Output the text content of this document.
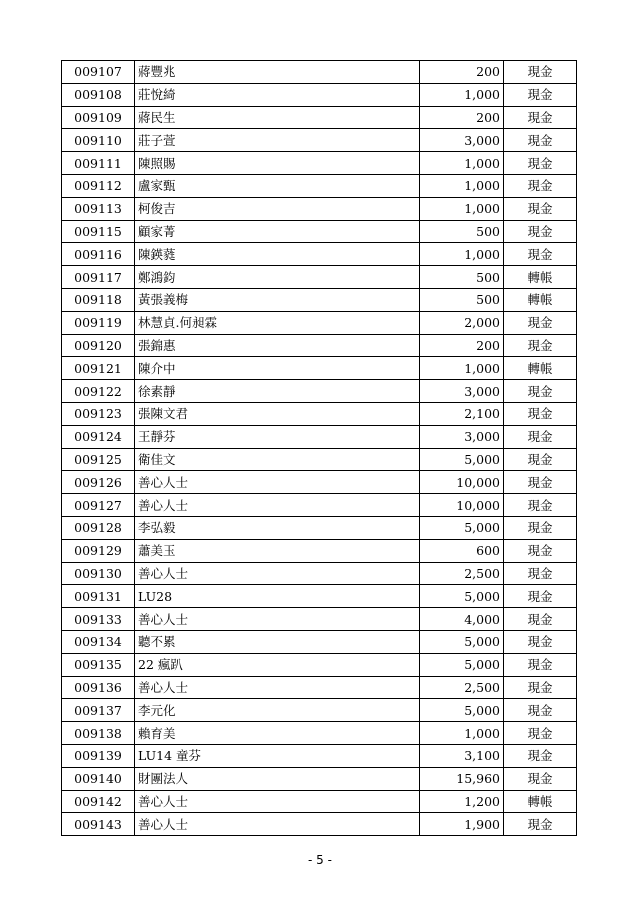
009107	蔣豐兆	200	現金
009108	莊悅綺	1,000	現金
009109	蔣民生	200	現金
009110	莊子萱	3,000	現金
009111	陳照賜	1,000	現金
009112	盧家甄	1,000	現金
009113	柯俊吉	1,000	現金
009115	顧家菁	500	現金
009116	陳鍈蕤	1,000	現金
009117	鄭鴻鈞	500	轉帳
009118	黃張義梅	500	轉帳
009119	林慧貞.何昶霖	2,000	現金
009120	張錦惠	200	現金
009121	陳介中	1,000	轉帳
009122	徐素靜	3,000	現金
009123	張陳文君	2,100	現金
009124	王靜芬	3,000	現金
009125	衛佳文	5,000	現金
009126	善心人士	10,000	現金
009127	善心人士	10,000	現金
009128	李弘毅	5,000	現金
009129	蕭美玉	600	現金
009130	善心人士	2,500	現金
009131	LU28	5,000	現金
009133	善心人士	4,000	現金
009134	聽不累	5,000	現金
009135	22 瘋趴	5,000	現金
009136	善心人士	2,500	現金
009137	李元化	5,000	現金
009138	賴育美	1,000	現金
009139	LU14 童芬	3,100	現金
009140	財團法人	15,960	現金
009142	善心人士	1,200	轉帳
009143	善心人士	1,900	現金
- 5 -
